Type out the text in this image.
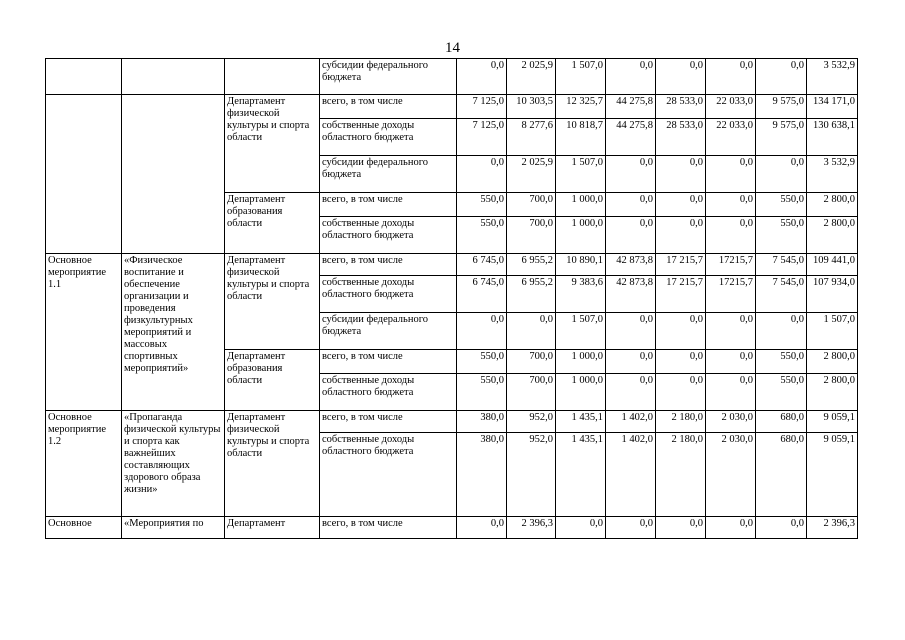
14
			субсидии федерального бюджета	0,0	2 025,9	1 507,0	0,0	0,0	0,0	0,0	3 532,9
		Департамент физической культуры и спорта области	всего, в том числе	7 125,0	10 303,5	12 325,7	44 275,8	28 533,0	22 033,0	9 575,0	134 171,0
			собственные доходы областного бюджета	7 125,0	8 277,6	10 818,7	44 275,8	28 533,0	22 033,0	9 575,0	130 638,1
			субсидии федерального бюджета	0,0	2 025,9	1 507,0	0,0	0,0	0,0	0,0	3 532,9
		Департамент образования области	всего, в том числе	550,0	700,0	1 000,0	0,0	0,0	0,0	550,0	2 800,0
			собственные доходы областного бюджета	550,0	700,0	1 000,0	0,0	0,0	0,0	550,0	2 800,0
Основное мероприятие 1.1	«Физическое воспитание и обеспечение организации и проведения физкультурных мероприятий и массовых спортивных мероприятий»	Департамент физической культуры и спорта области	всего, в том числе	6 745,0	6 955,2	10 890,1	42 873,8	17 215,7	17215,7	7 545,0	109 441,0
			собственные доходы областного бюджета	6 745,0	6 955,2	9 383,6	42 873,8	17 215,7	17215,7	7 545,0	107 934,0
			субсидии федерального бюджета	0,0	0,0	1 507,0	0,0	0,0	0,0	0,0	1 507,0
		Департамент образования области	всего, в том числе	550,0	700,0	1 000,0	0,0	0,0	0,0	550,0	2 800,0
			собственные доходы областного бюджета	550,0	700,0	1 000,0	0,0	0,0	0,0	550,0	2 800,0
Основное мероприятие 1.2	«Пропаганда физической культуры и спорта как важнейших составляющих здорового образа жизни»	Департамент физической культуры и спорта области	всего, в том числе	380,0	952,0	1 435,1	1 402,0	2 180,0	2 030,0	680,0	9 059,1
			собственные доходы областного бюджета	380,0	952,0	1 435,1	1 402,0	2 180,0	2 030,0	680,0	9 059,1
Основное	«Мероприятия по	Департамент	всего, в том числе	0,0	2 396,3	0,0	0,0	0,0	0,0	0,0	2 396,3
